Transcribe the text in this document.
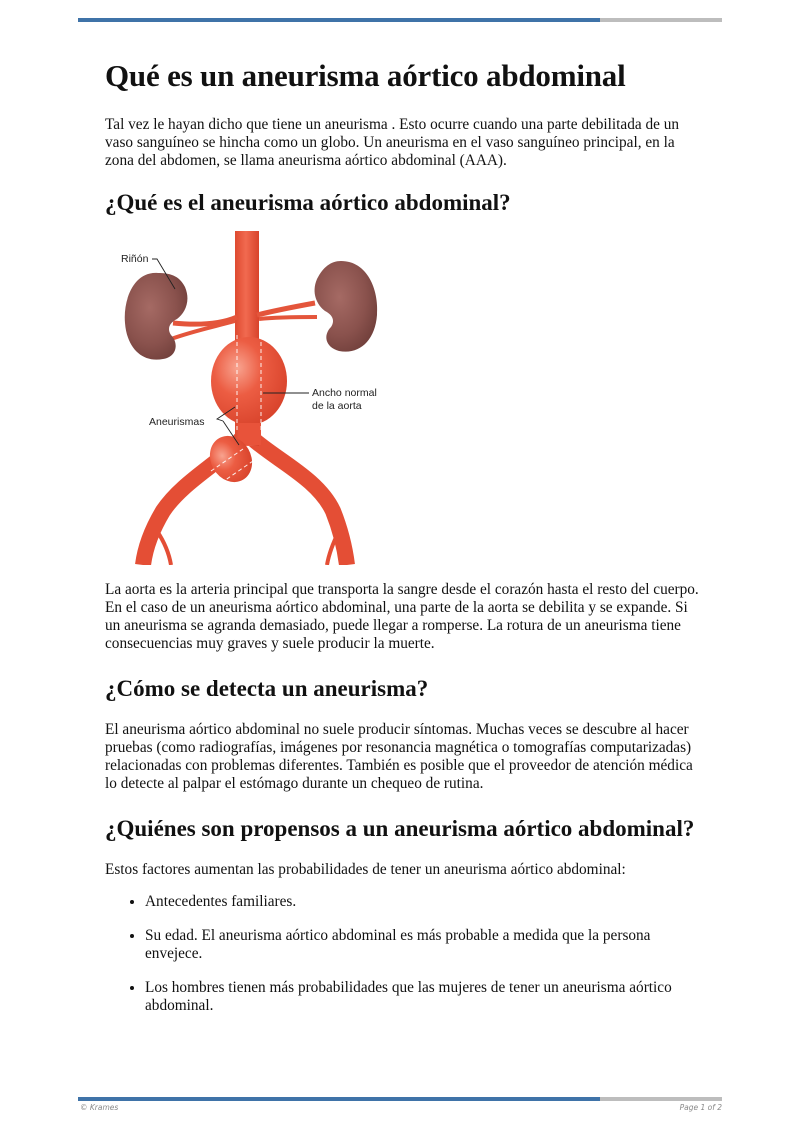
Qué es un aneurisma aórtico abdominal

Tal vez le hayan dicho que tiene un aneurisma . Esto ocurre cuando una parte debilitada de un vaso sanguíneo se hincha como un globo. Un aneurisma en el vaso sanguíneo principal, en la zona del abdomen, se llama aneurisma aórtico abdominal (AAA).

¿Qué es el aneurisma aórtico abdominal?
Riñón
Ancho normal
de la aorta
Aneurismas

La aorta es la arteria principal que transporta la sangre desde el corazón hasta el resto del cuerpo. En el caso de un aneurisma aórtico abdominal, una parte de la aorta se debilita y se expande. Si un aneurisma se agranda demasiado, puede llegar a romperse. La rotura de un aneurisma tiene consecuencias muy graves y suele producir la muerte.

¿Cómo se detecta un aneurisma?

El aneurisma aórtico abdominal no suele producir síntomas. Muchas veces se descubre al hacer pruebas (como radiografías, imágenes por resonancia magnética o tomografías computarizadas) relacionadas con problemas diferentes. También es posible que el proveedor de atención médica lo detecte al palpar el estómago durante un chequeo de rutina.

¿Quiénes son propensos a un aneurisma aórtico abdominal?

Estos factores aumentan las probabilidades de tener un aneurisma aórtico abdominal:

• Antecedentes familiares.
• Su edad. El aneurisma aórtico abdominal es más probable a medida que la persona envejece.
• Los hombres tienen más probabilidades que las mujeres de tener un aneurisma aórtico abdominal.
© Krames	Page 1 of 2
